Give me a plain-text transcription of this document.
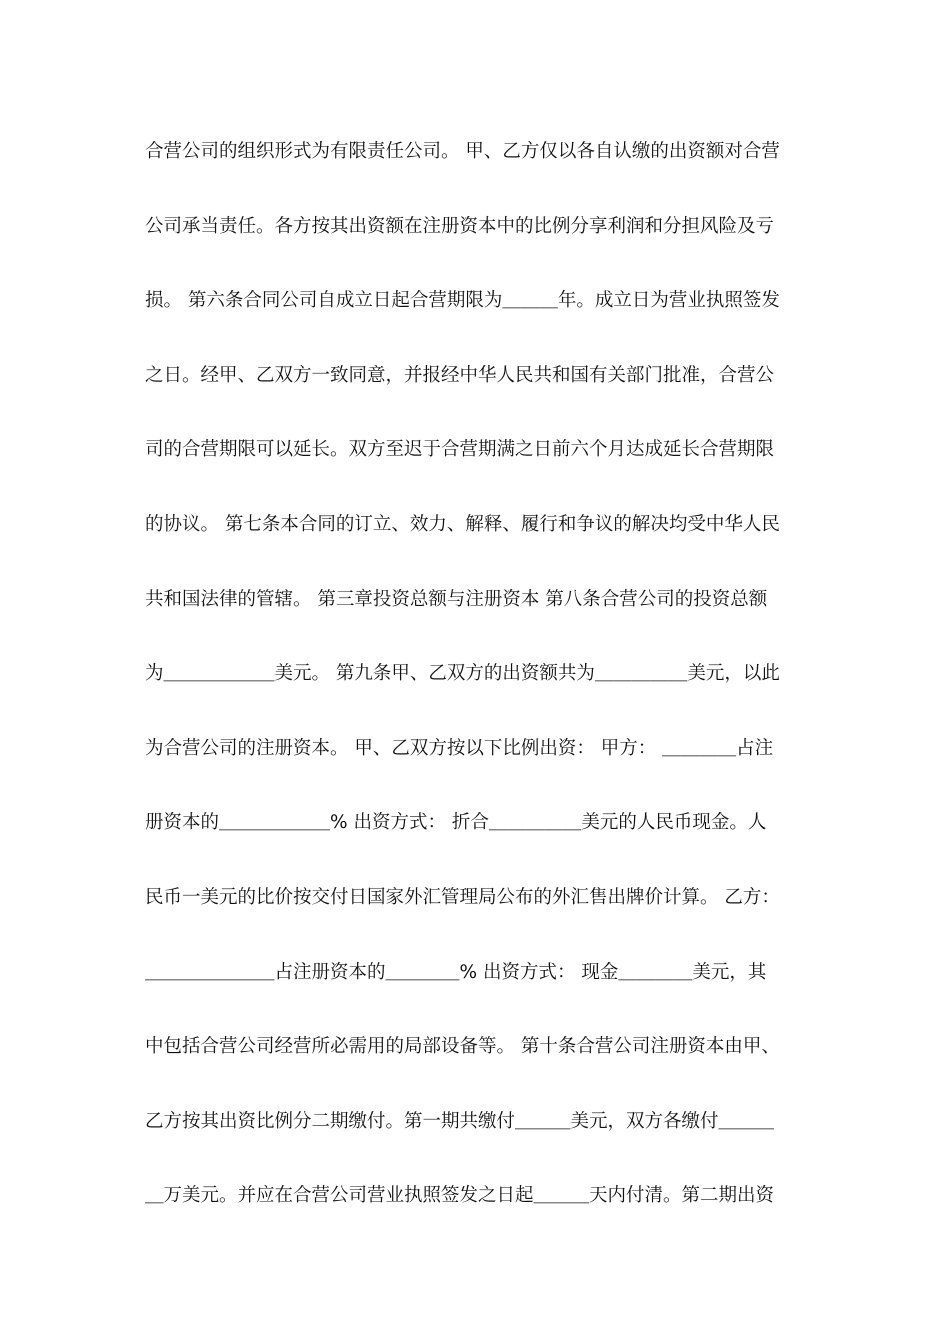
合营公司的组织形式为有限责任公司。 甲、乙方仅以各自认缴的出资额对合营
公司承当责任。各方按其出资额在注册资本中的比例分享利润和分担风险及亏
损。 第六条合同公司自成立日起合营期限为＿＿＿年。成立日为营业执照签发
之日。经甲、乙双方一致同意，并报经中华人民共和国有关部门批准，合营公
司的合营期限可以延长。双方至迟于合营期满之日前六个月达成延长合营期限
的协议。 第七条本合同的订立、效力、解释、履行和争议的解决均受中华人民
共和国法律的管辖。 第三章投资总额与注册资本 第八条合营公司的投资总额
为＿＿＿＿＿＿美元。 第九条甲、乙双方的出资额共为＿＿＿＿＿美元，以此
为合营公司的注册资本。 甲、乙双方按以下比例出资： 甲方： ＿＿＿＿占注
册资本的＿＿＿＿＿＿% 出资方式： 折合＿＿＿＿＿美元的人民币现金。人
民币一美元的比价按交付日国家外汇管理局公布的外汇售出牌价计算。 乙方：
＿＿＿＿＿＿＿占注册资本的＿＿＿＿% 出资方式： 现金＿＿＿＿美元，其
中包括合营公司经营所必需用的局部设备等。 第十条合营公司注册资本由甲、
乙方按其出资比例分二期缴付。第一期共缴付＿＿＿美元，双方各缴付＿＿＿
＿万美元。并应在合营公司营业执照签发之日起＿＿＿天内付清。第二期出资
